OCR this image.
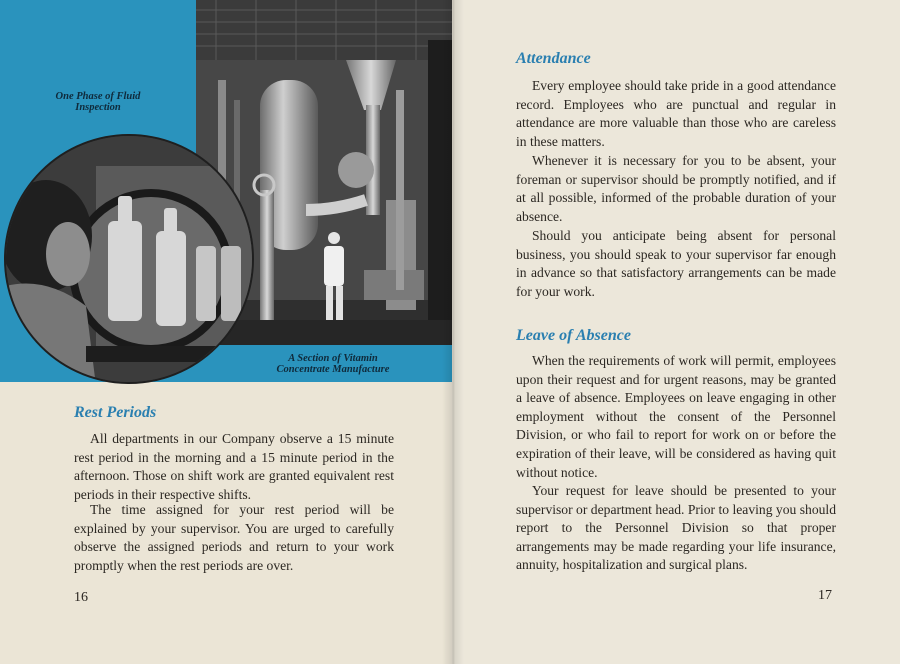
One Phase of Fluid Inspection
A Section of Vitamin Concentrate Manufacture
Rest Periods

All departments in our Company observe a 15 minute rest period in the morning and a 15 minute period in the afternoon. Those on shift work are granted equivalent rest periods in their respective shifts.

The time assigned for your rest period will be explained by your supervisor. You are urged to carefully observe the assigned periods and return to your work promptly when the rest periods are over.

16
Attendance

Every employee should take pride in a good attendance record. Employees who are punctual and regular in attendance are more valuable than those who are careless in these matters.

Whenever it is necessary for you to be absent, your foreman or supervisor should be promptly notified, and if at all possible, informed of the probable duration of your absence.

Should you anticipate being absent for personal business, you should speak to your supervisor far enough in advance so that satisfactory arrangements can be made for your work.

Leave of Absence

When the requirements of work will permit, employees upon their request and for urgent reasons, may be granted a leave of absence. Employees on leave engaging in other employment without the consent of the Personnel Division, or who fail to report for work on or before the expiration of their leave, will be considered as having quit without notice.

Your request for leave should be presented to your supervisor or department head. Prior to leaving you should report to the Personnel Division so that proper arrangements may be made regarding your life insurance, annuity, hospitalization and surgical plans.

17
